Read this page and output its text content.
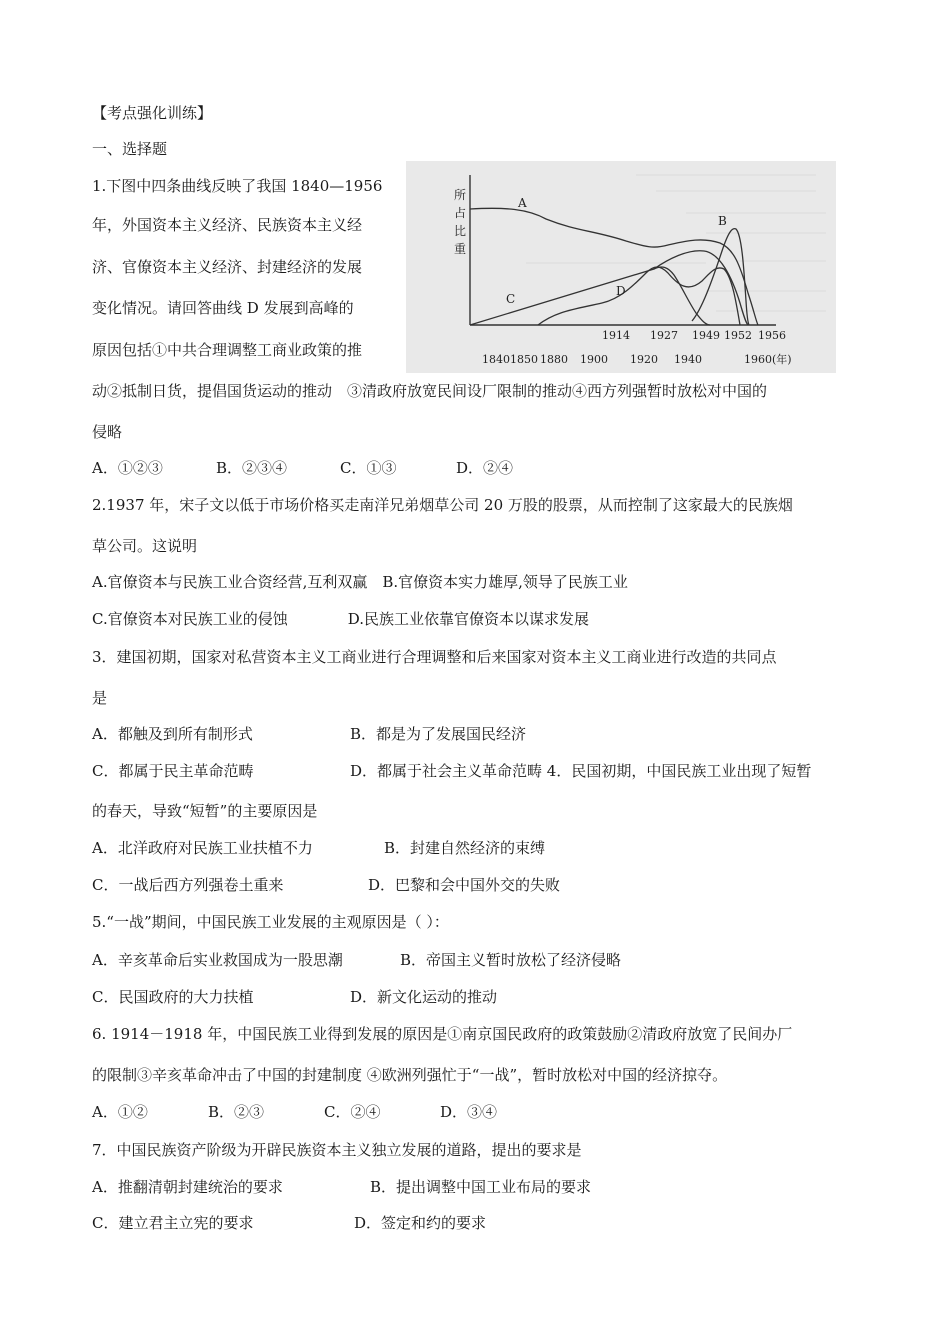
【考点强化训练】
一、选择题
1.下图中四条曲线反映了我国 1840—1956
年，外国资本主义经济、民族资本主义经
济、官僚资本主义经济、封建经济的发展
变化情况。请回答曲线 D 发展到高峰的
原因包括①中共合理调整工商业政策的推
动②抵制日货，提倡国货运动的推动　③清政府放宽民间设厂限制的推动④西方列强暂时放松对中国的
侵略
A．①②③	B．②③④	C．①③	D．②④
所
占
比
重
A
B
C
D
1914 1927 1949 1952 1956
1840 1850 1880 1900 1920 1940	1960(年)
2.1937 年，宋子文以低于市场价格买走南洋兄弟烟草公司 20 万股的股票，从而控制了这家最大的民族烟
草公司。这说明
A.官僚资本与民族工业合资经营,互利双赢　B.官僚资本实力雄厚,领导了民族工业
C.官僚资本对民族工业的侵蚀　　　　D.民族工业依靠官僚资本以谋求发展
3．建国初期，国家对私营资本主义工商业进行合理调整和后来国家对资本主义工商业进行改造的共同点
是
A．都触及到所有制形式	B．都是为了发展国民经济
C．都属于民主革命范畴	D．都属于社会主义革命范畴 4．民国初期，中国民族工业出现了短暂
的春天，导致“短暂”的主要原因是
A．北洋政府对民族工业扶植不力	B．封建自然经济的束缚
C．一战后西方列强卷土重来	D．巴黎和会中国外交的失败
5.“一战”期间，中国民族工业发展的主观原因是（ ）：
A．辛亥革命后实业救国成为一股思潮	B．帝国主义暂时放松了经济侵略
C．民国政府的大力扶植	D．新文化运动的推动
6. 1914－1918 年，中国民族工业得到发展的原因是①南京国民政府的政策鼓励②清政府放宽了民间办厂
的限制③辛亥革命冲击了中国的封建制度 ④欧洲列强忙于“一战”，暂时放松对中国的经济掠夺。
A．①②	B．②③	C．②④	D．③④
7．中国民族资产阶级为开辟民族资本主义独立发展的道路，提出的要求是
A．推翻清朝封建统治的要求	B．提出调整中国工业布局的要求
C．建立君主立宪的要求	D．签定和约的要求
